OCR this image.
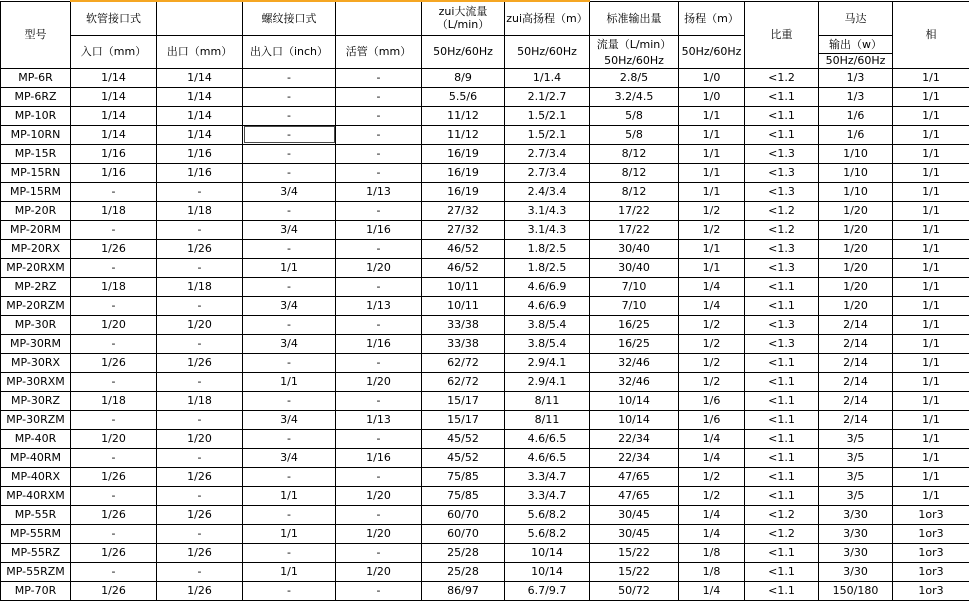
型号	软管接口式		螺纹接口式		zui大流量（L/min）	zui高扬程（m）	标准输出量	扬程（m）	比重	马达	相
	入口（mm）	出口（mm）	出入口（inch）	活管（mm）	50Hz/60Hz	50Hz/60Hz	流量（L/min）	50Hz/60Hz		输出（w）	
							50Hz/60Hz			50Hz/60Hz	
MP-6R	1/14	1/14	-	-	8/9	1/1.4	2.8/5	1/0	<1.2	1/3	1/1
MP-6RZ	1/14	1/14	-	-	5.5/6	2.1/2.7	3.2/4.5	1/0	<1.1	1/3	1/1
MP-10R	1/14	1/14	-	-	11/12	1.5/2.1	5/8	1/1	<1.1	1/6	1/1
MP-10RN	1/14	1/14	-	-	11/12	1.5/2.1	5/8	1/1	<1.1	1/6	1/1
MP-15R	1/16	1/16	-	-	16/19	2.7/3.4	8/12	1/1	<1.3	1/10	1/1
MP-15RN	1/16	1/16	-	-	16/19	2.7/3.4	8/12	1/1	<1.3	1/10	1/1
MP-15RM	-	-	3/4	1/13	16/19	2.4/3.4	8/12	1/1	<1.3	1/10	1/1
MP-20R	1/18	1/18	-	-	27/32	3.1/4.3	17/22	1/2	<1.2	1/20	1/1
MP-20RM	-	-	3/4	1/16	27/32	3.1/4.3	17/22	1/2	<1.2	1/20	1/1
MP-20RX	1/26	1/26	-	-	46/52	1.8/2.5	30/40	1/1	<1.3	1/20	1/1
MP-20RXM	-	-	1/1	1/20	46/52	1.8/2.5	30/40	1/1	<1.3	1/20	1/1
MP-2RZ	1/18	1/18	-	-	10/11	4.6/6.9	7/10	1/4	<1.1	1/20	1/1
MP-20RZM	-	-	3/4	1/13	10/11	4.6/6.9	7/10	1/4	<1.1	1/20	1/1
MP-30R	1/20	1/20	-	-	33/38	3.8/5.4	16/25	1/2	<1.3	2/14	1/1
MP-30RM	-	-	3/4	1/16	33/38	3.8/5.4	16/25	1/2	<1.3	2/14	1/1
MP-30RX	1/26	1/26	-	-	62/72	2.9/4.1	32/46	1/2	<1.1	2/14	1/1
MP-30RXM	-	-	1/1	1/20	62/72	2.9/4.1	32/46	1/2	<1.1	2/14	1/1
MP-30RZ	1/18	1/18	-	-	15/17	8/11	10/14	1/6	<1.1	2/14	1/1
MP-30RZM	-	-	3/4	1/13	15/17	8/11	10/14	1/6	<1.1	2/14	1/1
MP-40R	1/20	1/20	-	-	45/52	4.6/6.5	22/34	1/4	<1.1	3/5	1/1
MP-40RM	-	-	3/4	1/16	45/52	4.6/6.5	22/34	1/4	<1.1	3/5	1/1
MP-40RX	1/26	1/26	-	-	75/85	3.3/4.7	47/65	1/2	<1.1	3/5	1/1
MP-40RXM	-	-	1/1	1/20	75/85	3.3/4.7	47/65	1/2	<1.1	3/5	1/1
MP-55R	1/26	1/26	-	-	60/70	5.6/8.2	30/45	1/4	<1.2	3/30	1or3
MP-55RM	-	-	1/1	1/20	60/70	5.6/8.2	30/45	1/4	<1.2	3/30	1or3
MP-55RZ	1/26	1/26	-	-	25/28	10/14	15/22	1/8	<1.1	3/30	1or3
MP-55RZM	-	-	1/1	1/20	25/28	10/14	15/22	1/8	<1.1	3/30	1or3
MP-70R	1/26	1/26	-	-	86/97	6.7/9.7	50/72	1/4	<1.1	150/180	1or3
